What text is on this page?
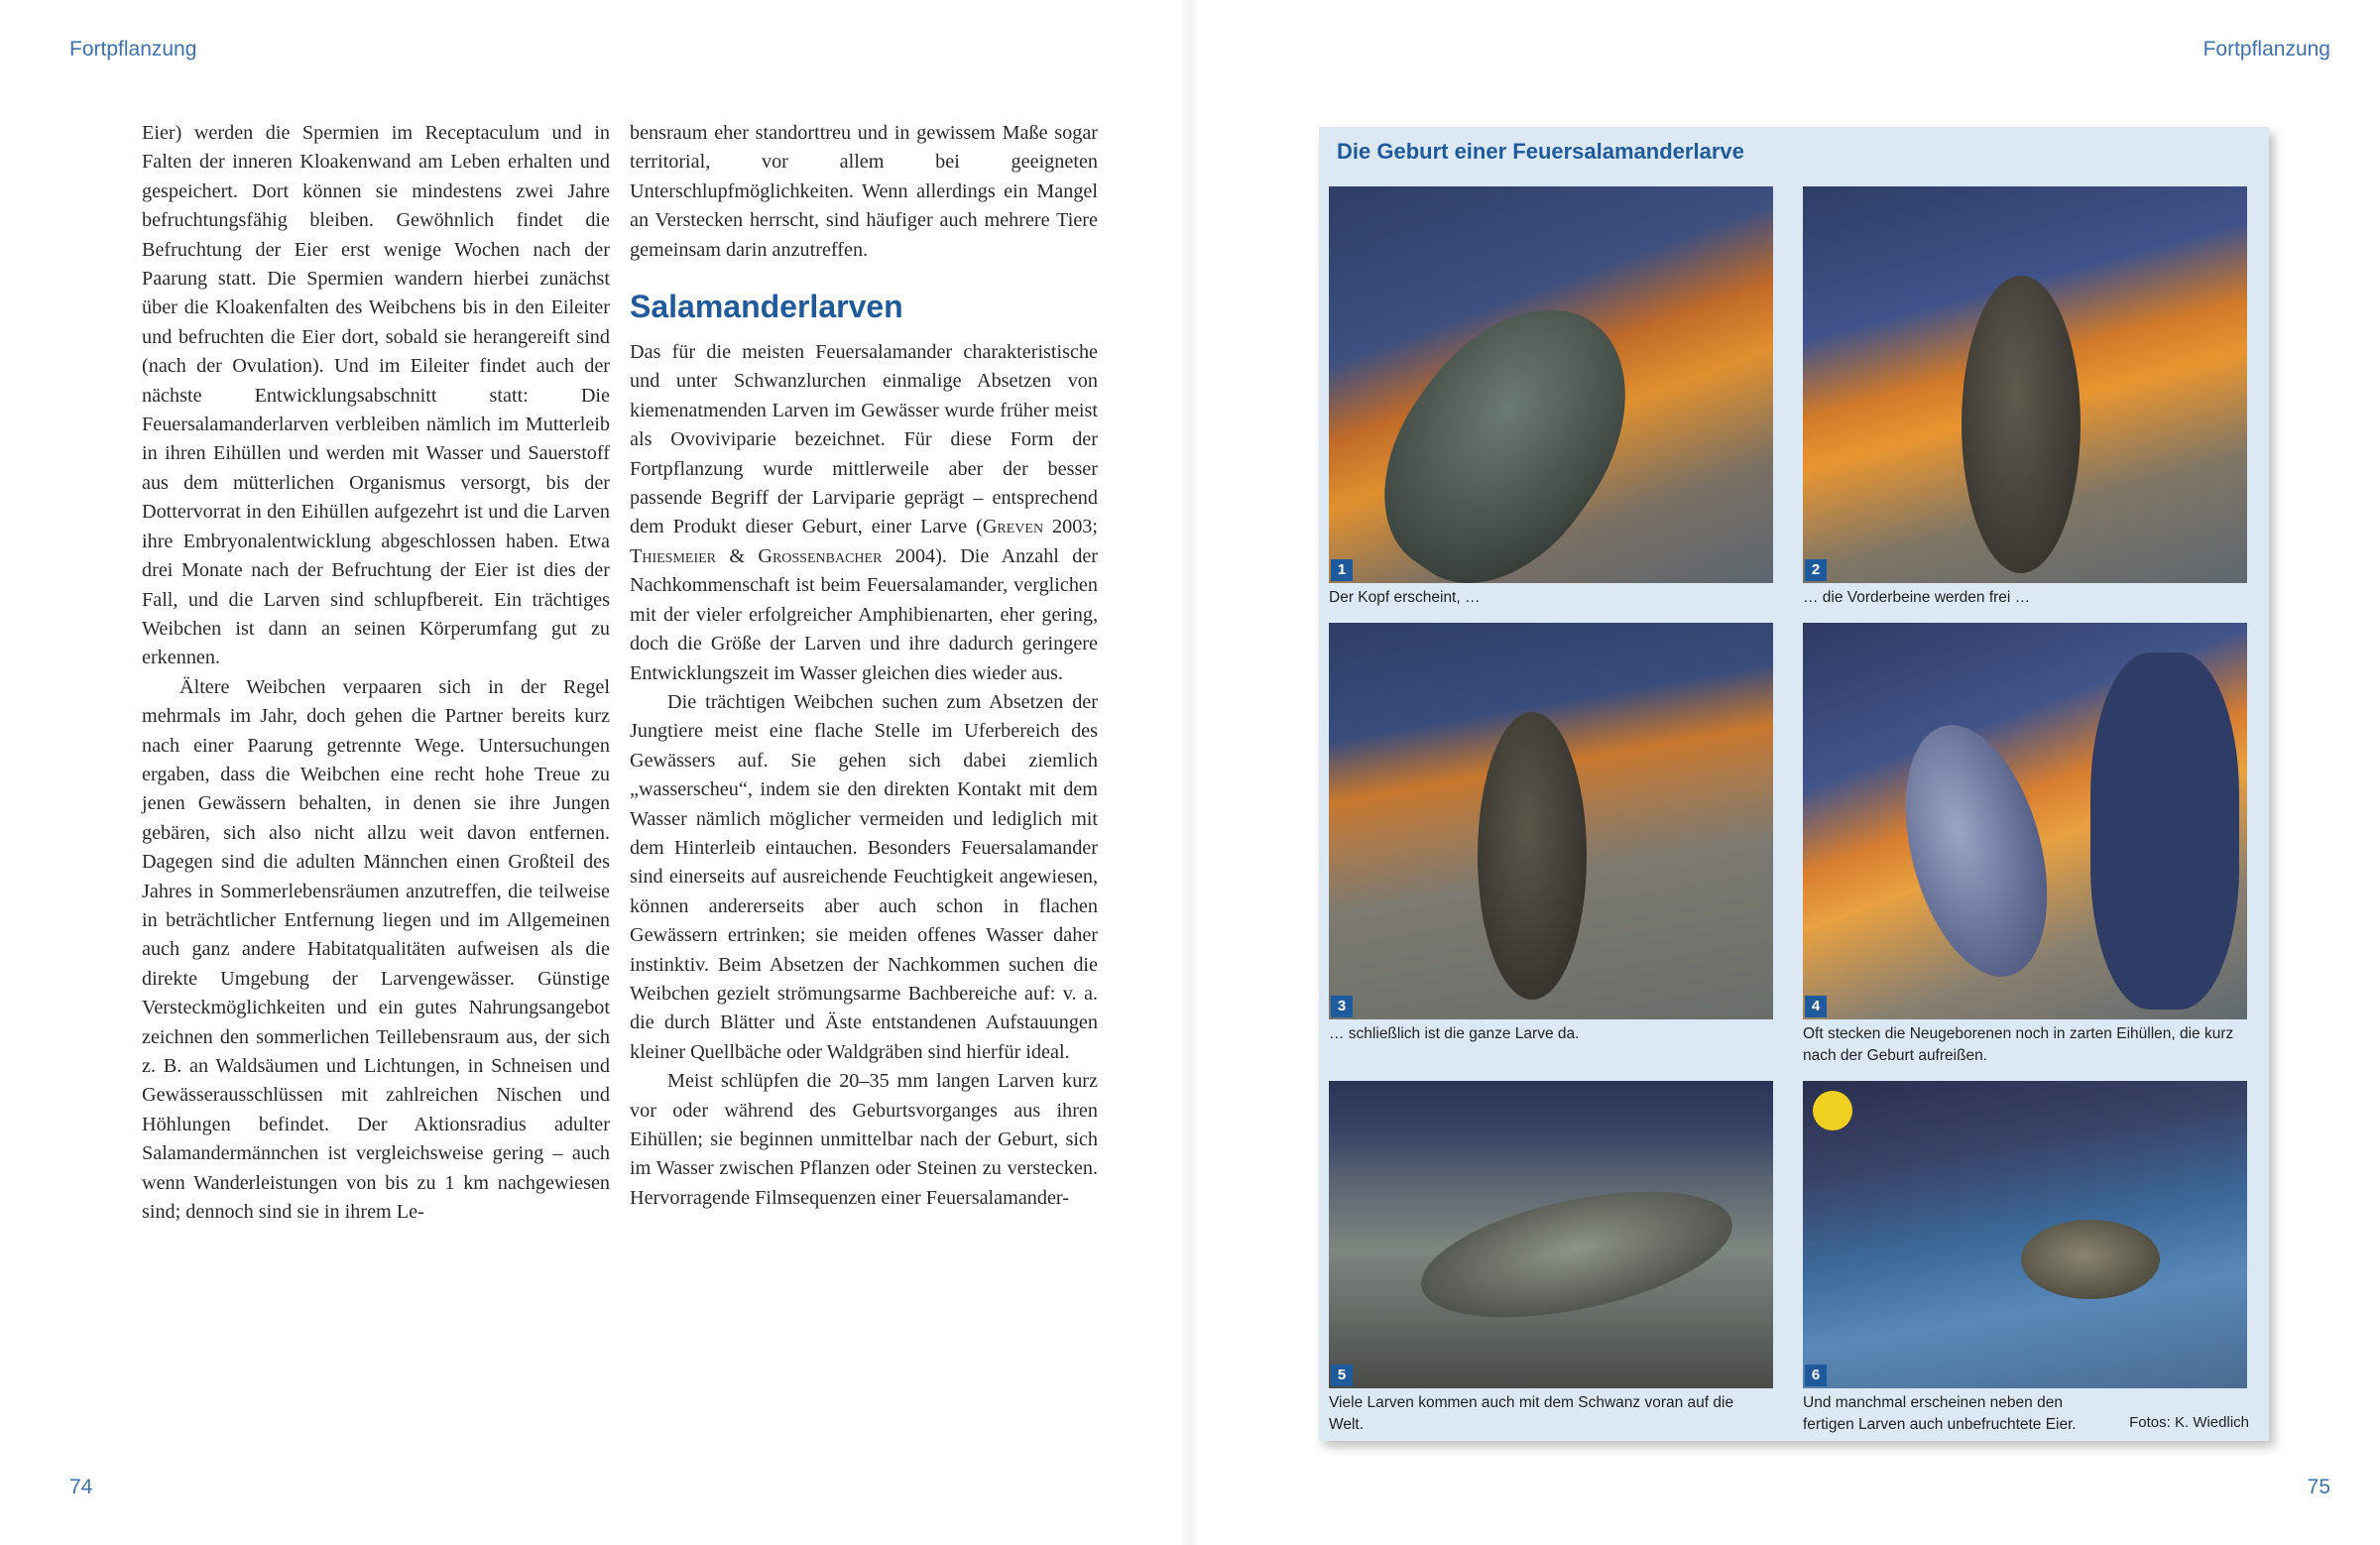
Fortpflanzung

Eier) werden die Spermien im Receptaculum und in Falten der inneren Kloakenwand am Leben erhalten und gespeichert. Dort können sie mindestens zwei Jahre befruchtungsfähig bleiben. Gewöhnlich findet die Befruchtung der Eier erst wenige Wochen nach der Paarung statt. Die Spermien wandern hierbei zunächst über die Kloakenfalten des Weibchens bis in den Eileiter und befruchten die Eier dort, sobald sie herangereift sind (nach der Ovulation). Und im Eileiter findet auch der nächste Entwicklungsabschnitt statt: Die Feuersalamanderlarven verbleiben nämlich im Mutterleib in ihren Eihüllen und werden mit Wasser und Sauerstoff aus dem mütterlichen Organismus versorgt, bis der Dottervorrat in den Eihüllen aufgezehrt ist und die Larven ihre Embryonalentwicklung abgeschlossen haben. Etwa drei Monate nach der Befruchtung der Eier ist dies der Fall, und die Larven sind schlupfbereit. Ein trächtiges Weibchen ist dann an seinen Körperumfang gut zu erkennen.

Ältere Weibchen verpaaren sich in der Regel mehrmals im Jahr, doch gehen die Partner bereits kurz nach einer Paarung getrennte Wege. Untersuchungen ergaben, dass die Weibchen eine recht hohe Treue zu jenen Gewässern behalten, in denen sie ihre Jungen gebären, sich also nicht allzu weit davon entfernen. Dagegen sind die adulten Männchen einen Großteil des Jahres in Sommerlebensräumen anzutreffen, die teilweise in beträchtlicher Entfernung liegen und im Allgemeinen auch ganz andere Habitatqualitäten aufweisen als die direkte Umgebung der Larvengewässer. Günstige Versteckmöglichkeiten und ein gutes Nahrungsangebot zeichnen den sommerlichen Teillebensraum aus, der sich z. B. an Waldsäumen und Lichtungen, in Schneisen und Gewässerausschlüssen mit zahlreichen Nischen und Höhlungen befindet. Der Aktionsradius adulter Salamandermännchen ist vergleichsweise gering – auch wenn Wanderleistungen von bis zu 1 km nachgewiesen sind; dennoch sind sie in ihrem Le-

bensraum eher standorttreu und in gewissem Maße sogar territorial, vor allem bei geeigneten Unterschlupfmöglichkeiten. Wenn allerdings ein Mangel an Verstecken herrscht, sind häufiger auch mehrere Tiere gemeinsam darin anzutreffen.

Salamanderlarven

Das für die meisten Feuersalamander charakteristische und unter Schwanzlurchen einmalige Absetzen von kiemenatmenden Larven im Gewässer wurde früher meist als Ovoviviparie bezeichnet. Für diese Form der Fortpflanzung wurde mittlerweile aber der besser passende Begriff der Larviparie geprägt – entsprechend dem Produkt dieser Geburt, einer Larve (Greven 2003; Thiesmeier & Grossenbacher 2004). Die Anzahl der Nachkommenschaft ist beim Feuersalamander, verglichen mit der vieler erfolgreicher Amphibienarten, eher gering, doch die Größe der Larven und ihre dadurch geringere Entwicklungszeit im Wasser gleichen dies wieder aus.

Die trächtigen Weibchen suchen zum Absetzen der Jungtiere meist eine flache Stelle im Uferbereich des Gewässers auf. Sie gehen sich dabei ziemlich „wasserscheu“, indem sie den direkten Kontakt mit dem Wasser nämlich möglicher vermeiden und lediglich mit dem Hinterleib eintauchen. Besonders Feuersalamander sind einerseits auf ausreichende Feuchtigkeit angewiesen, können andererseits aber auch schon in flachen Gewässern ertrinken; sie meiden offenes Wasser daher instinktiv. Beim Absetzen der Nachkommen suchen die Weibchen gezielt strömungsarme Bachbereiche auf: v. a. die durch Blätter und Äste entstandenen Aufstauungen kleiner Quellbäche oder Waldgräben sind hierfür ideal.

Meist schlüpfen die 20–35 mm langen Larven kurz vor oder während des Geburtsvorganges aus ihren Eihüllen; sie beginnen unmittelbar nach der Geburt, sich im Wasser zwischen Pflanzen oder Steinen zu verstecken. Hervorragende Filmsequenzen einer Feuersalamander-

74
Fortpflanzung
Die Geburt einer Feuersalamanderlarve
1
Der Kopf erscheint, …
2
… die Vorderbeine werden frei …
3
… schließlich ist die ganze Larve da.
4
Oft stecken die Neugeborenen noch in zarten Eihüllen, die kurz nach der Geburt aufreißen.
5
Viele Larven kommen auch mit dem Schwanz voran auf die Welt.
6
Und manchmal erscheinen neben den fertigen Larven auch unbefruchtete Eier.	Fotos: K. Wiedlich
75
